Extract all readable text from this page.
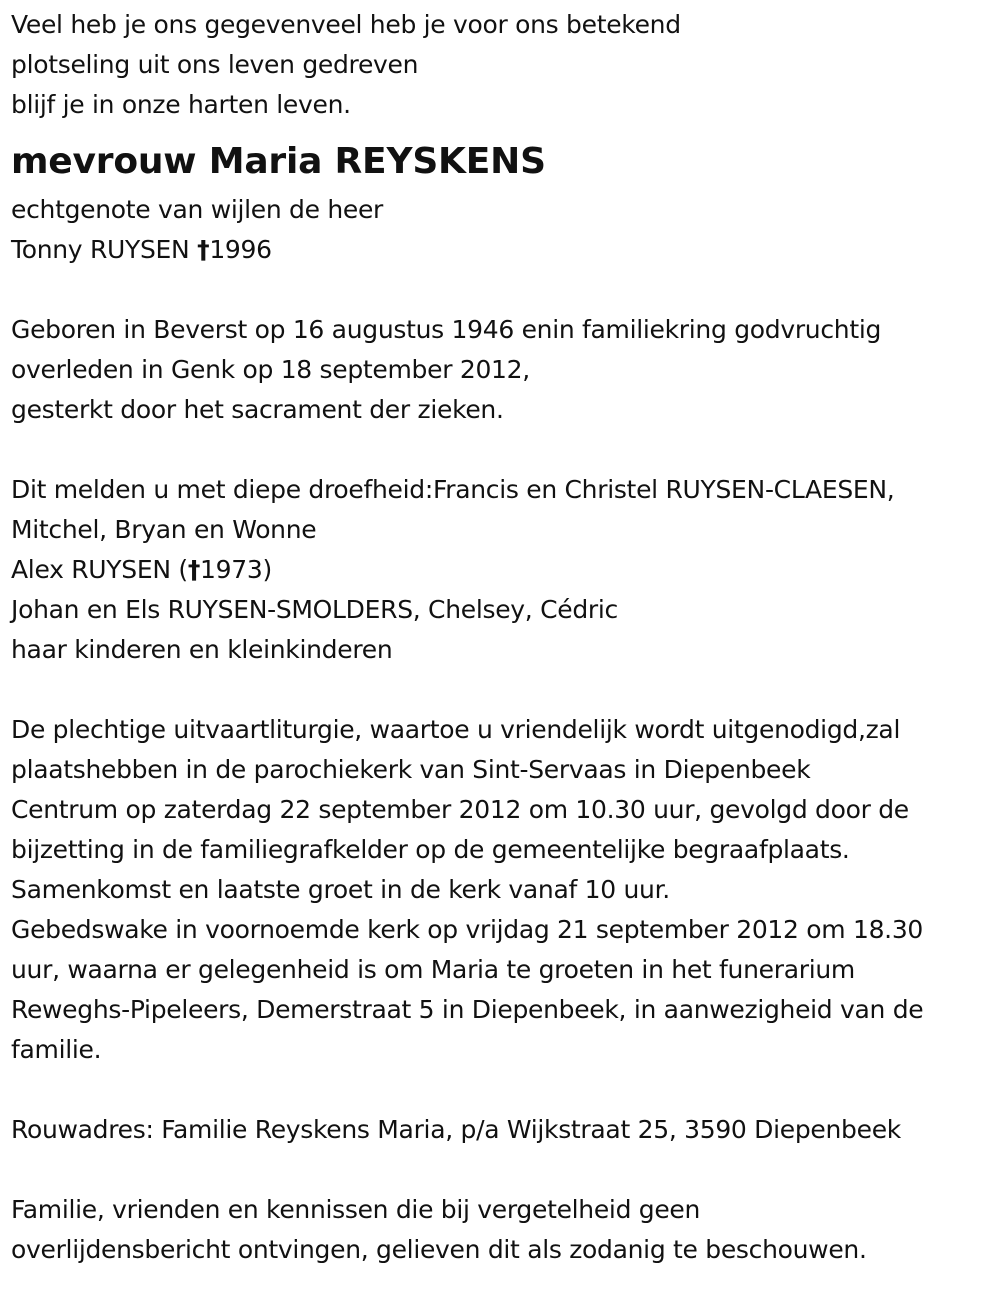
Veel heb je ons gegevenveel heb je voor ons betekend
plotseling uit ons leven gedreven
blijf je in onze harten leven.
mevrouw Maria REYSKENS
echtgenote van wijlen de heer
Tonny RUYSEN †1996
Geboren in Beverst op 16 augustus 1946 enin familiekring godvruchtig
overleden in Genk op 18 september 2012,
gesterkt door het sacrament der zieken.
Dit melden u met diepe droefheid:Francis en Christel RUYSEN-CLAESEN,
Mitchel, Bryan en Wonne
Alex RUYSEN (†1973)
Johan en Els RUYSEN-SMOLDERS, Chelsey, Cédric
haar kinderen en kleinkinderen
De plechtige uitvaartliturgie, waartoe u vriendelijk wordt uitgenodigd,zal
plaatshebben in de parochiekerk van Sint-Servaas in Diepenbeek
Centrum op zaterdag 22 september 2012 om 10.30 uur, gevolgd door de
bijzetting in de familiegrafkelder op de gemeentelijke begraafplaats.
Samenkomst en laatste groet in de kerk vanaf 10 uur.
Gebedswake in voornoemde kerk op vrijdag 21 september 2012 om 18.30
uur, waarna er gelegenheid is om Maria te groeten in het funerarium
Reweghs-Pipeleers, Demerstraat 5 in Diepenbeek, in aanwezigheid van de
familie.
Rouwadres: Familie Reyskens Maria, p/a Wijkstraat 25, 3590 Diepenbeek
Familie, vrienden en kennissen die bij vergetelheid geen
overlijdensbericht ontvingen, gelieven dit als zodanig te beschouwen.
